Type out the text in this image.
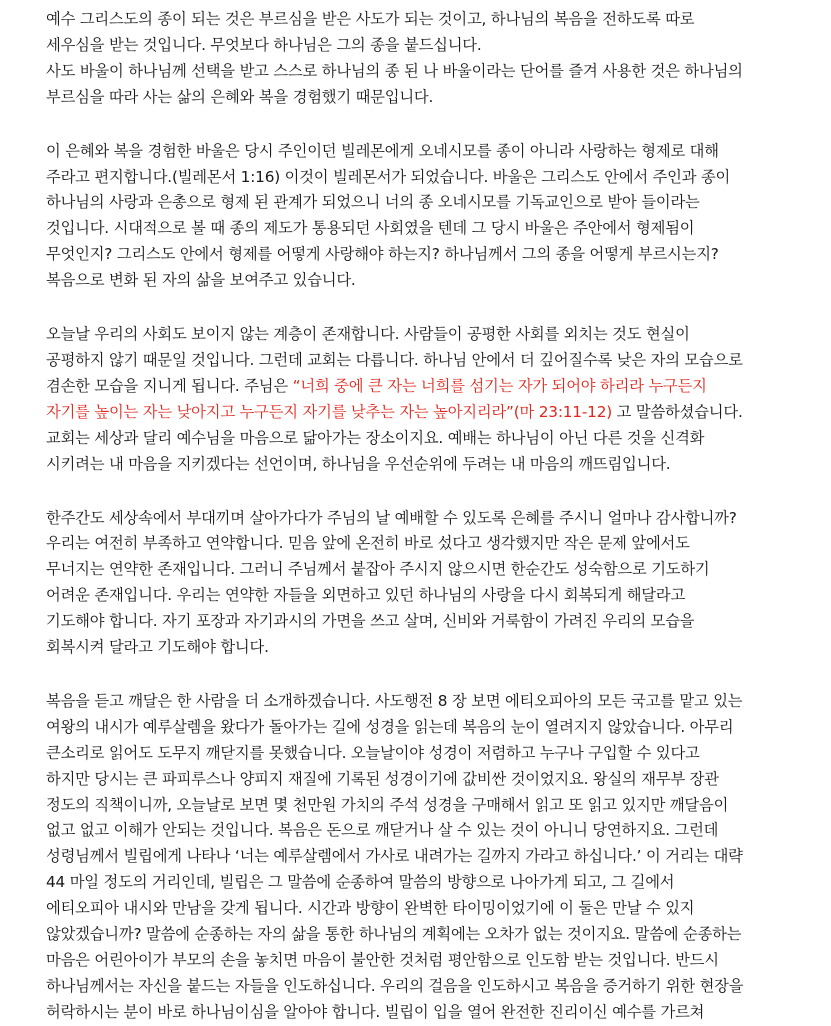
예수 그리스도의 종이 되는 것은 부르심을 받은 사도가 되는 것이고, 하나님의 복음을 전하도록 따로
세우심을 받는 것입니다. 무엇보다 하나님은 그의 종을 붙드십니다.
사도 바울이 하나님께 선택을 받고 스스로 하나님의 종 된 나 바울이라는 단어를 즐겨 사용한 것은 하나님의
부르심을 따라 사는 삶의 은혜와 복을 경험했기 때문입니다.
이 은혜와 복을 경험한 바울은 당시 주인이던 빌레몬에게 오네시모를 종이 아니라 사랑하는 형제로 대해
주라고 편지합니다.(빌레몬서 1:16) 이것이 빌레몬서가 되었습니다. 바울은 그리스도 안에서 주인과 종이
하나님의 사랑과 은총으로 형제 된 관계가 되었으니 너의 종 오네시모를 기독교인으로 받아 들이라는
것입니다. 시대적으로 볼 때 종의 제도가 통용되던 사회였을 텐데 그 당시 바울은 주안에서 형제됨이
무엇인지? 그리스도 안에서 형제를 어떻게 사랑해야 하는지? 하나님께서 그의 종을 어떻게 부르시는지?
복음으로 변화 된 자의 삶을 보여주고 있습니다.
오늘날 우리의 사회도 보이지 않는 계층이 존재합니다. 사람들이 공평한 사회를 외치는 것도 현실이
공평하지 않기 때문일 것입니다. 그런데 교회는 다릅니다. 하나님 안에서 더 깊어질수록 낮은 자의 모습으로
겸손한 모습을 지니게 됩니다. 주님은 “너희 중에 큰 자는 너희를 섬기는 자가 되어야 하리라 누구든지
자기를 높이는 자는 낮아지고 누구든지 자기를 낮추는 자는 높아지리라”(마 23:11-12) 고 말씀하셨습니다.
교회는 세상과 달리 예수님을 마음으로 닮아가는 장소이지요. 예배는 하나님이 아닌 다른 것을 신격화
시키려는 내 마음을 지키겠다는 선언이며, 하나님을 우선순위에 두려는 내 마음의 깨뜨림입니다.
한주간도 세상속에서 부대끼며 살아가다가 주님의 날 예배할 수 있도록 은혜를 주시니 얼마나 감사합니까?
우리는 여전히 부족하고 연약합니다. 믿음 앞에 온전히 바로 섰다고 생각했지만 작은 문제 앞에서도
무너지는 연약한 존재입니다. 그러니 주님께서 붙잡아 주시지 않으시면 한순간도 성숙함으로 기도하기
어려운 존재입니다. 우리는 연약한 자들을 외면하고 있던 하나님의 사랑을 다시 회복되게 해달라고
기도해야 합니다. 자기 포장과 자기과시의 가면을 쓰고 살며, 신비와 거룩함이 가려진 우리의 모습을
회복시켜 달라고 기도해야 합니다.
복음을 듣고 깨달은 한 사람을 더 소개하겠습니다. 사도행전 8 장 보면 에티오피아의 모든 국고를 맡고 있는
여왕의 내시가 예루살렘을 왔다가 돌아가는 길에 성경을 읽는데 복음의 눈이 열려지지 않았습니다. 아무리
큰소리로 읽어도 도무지 깨닫지를 못했습니다. 오늘날이야 성경이 저렴하고 누구나 구입할 수 있다고
하지만 당시는 큰 파피루스나 양피지 재질에 기록된 성경이기에 값비싼 것이었지요. 왕실의 재무부 장관
정도의 직책이니까, 오늘날로 보면 몇 천만원 가치의 주석 성경을 구매해서 읽고 또 읽고 있지만 깨달음이
없고 없고 이해가 안되는 것입니다. 복음은 돈으로 깨닫거나 살 수 있는 것이 아니니 당연하지요. 그런데
성령님께서 빌립에게 나타나 ‘너는 예루살렘에서 가사로 내려가는 길까지 가라고 하십니다.’ 이 거리는 대략
44 마일 정도의 거리인데, 빌립은 그 말씀에 순종하여 말씀의 방향으로 나아가게 되고, 그 길에서
에티오피아 내시와 만남을 갖게 됩니다. 시간과 방향이 완벽한 타이밍이었기에 이 둘은 만날 수 있지
않았겠습니까? 말씀에 순종하는 자의 삶을 통한 하나님의 계획에는 오차가 없는 것이지요. 말씀에 순종하는
마음은 어린아이가 부모의 손을 놓치면 마음이 불안한 것처럼 평안함으로 인도함 받는 것입니다. 반드시
하나님께서는 자신을 붙드는 자들을 인도하십니다. 우리의 걸음을 인도하시고 복음을 증거하기 위한 현장을
허락하시는 분이 바로 하나님이심을 알아야 합니다. 빌립이 입을 열어 완전한 진리이신 예수를 가르쳐
